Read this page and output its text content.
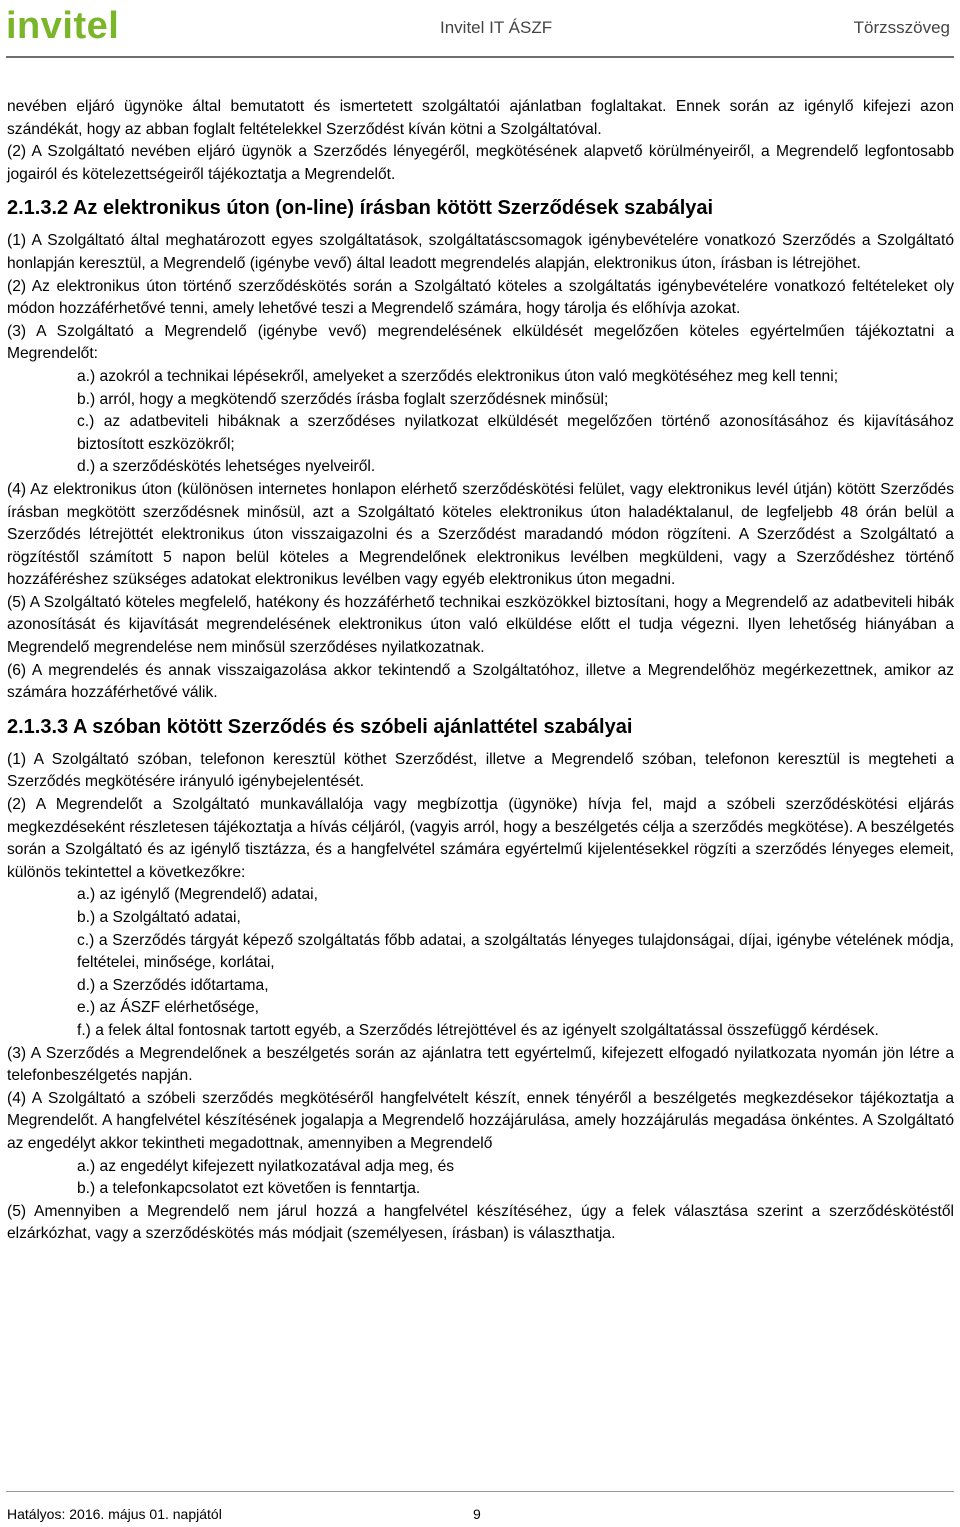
invitel	Invitel IT ÁSZF	Törzsszöveg

nevében eljáró ügynöke által bemutatott és ismertetett szolgáltatói ajánlatban foglaltakat. Ennek során az igénylő kifejezi azon szándékát, hogy az abban foglalt feltételekkel Szerződést kíván kötni a Szolgáltatóval.

(2) A Szolgáltató nevében eljáró ügynök a Szerződés lényegéről, megkötésének alapvető körülményeiről, a Megrendelő legfontosabb jogairól és kötelezettségeiről tájékoztatja a Megrendelőt.

2.1.3.2 Az elektronikus úton (on-line) írásban kötött Szerződések szabályai

(1) A Szolgáltató által meghatározott egyes szolgáltatások, szolgáltatáscsomagok igénybevételére vonatkozó Szerződés a Szolgáltató honlapján keresztül, a Megrendelő (igénybe vevő) által leadott megrendelés alapján, elektronikus úton, írásban is létrejöhet.

(2) Az elektronikus úton történő szerződéskötés során a Szolgáltató köteles a szolgáltatás igénybevételére vonatkozó feltételeket oly módon hozzáférhetővé tenni, amely lehetővé teszi a Megrendelő számára, hogy tárolja és előhívja azokat.

(3) A Szolgáltató a Megrendelő (igénybe vevő) megrendelésének elküldését megelőzően köteles egyértelműen tájékoztatni a Megrendelőt:

a.) azokról a technikai lépésekről, amelyeket a szerződés elektronikus úton való megkötéséhez meg kell tenni;

b.) arról, hogy a megkötendő szerződés írásba foglalt szerződésnek minősül;

c.) az adatbeviteli hibáknak a szerződéses nyilatkozat elküldését megelőzően történő azonosításához és kijavításához biztosított eszközökről;

d.) a szerződéskötés lehetséges nyelveiről.

(4) Az elektronikus úton (különösen internetes honlapon elérhető szerződéskötési felület, vagy elektronikus levél útján) kötött Szerződés írásban megkötött szerződésnek minősül, azt a Szolgáltató köteles elektronikus úton haladéktalanul, de legfeljebb 48 órán belül a Szerződés létrejöttét elektronikus úton visszaigazolni és a Szerződést maradandó módon rögzíteni. A Szerződést a Szolgáltató a rögzítéstől számított 5 napon belül köteles a Megrendelőnek elektronikus levélben megküldeni, vagy a Szerződéshez történő hozzáféréshez szükséges adatokat elektronikus levélben vagy egyéb elektronikus úton megadni.

(5) A Szolgáltató köteles megfelelő, hatékony és hozzáférhető technikai eszközökkel biztosítani, hogy a Megrendelő az adatbeviteli hibák azonosítását és kijavítását megrendelésének elektronikus úton való elküldése előtt el tudja végezni. Ilyen lehetőség hiányában a Megrendelő megrendelése nem minősül szerződéses nyilatkozatnak.

(6) A megrendelés és annak visszaigazolása akkor tekintendő a Szolgáltatóhoz, illetve a Megrendelőhöz megérkezettnek, amikor az számára hozzáférhetővé válik.

2.1.3.3 A szóban kötött Szerződés és szóbeli ajánlattétel szabályai

(1) A Szolgáltató szóban, telefonon keresztül köthet Szerződést, illetve a Megrendelő szóban, telefonon keresztül is megteheti a Szerződés megkötésére irányuló igénybejelentését.

(2) A Megrendelőt a Szolgáltató munkavállalója vagy megbízottja (ügynöke) hívja fel, majd a szóbeli szerződéskötési eljárás megkezdéseként részletesen tájékoztatja a hívás céljáról, (vagyis arról, hogy a beszélgetés célja a szerződés megkötése). A beszélgetés során a Szolgáltató és az igénylő tisztázza, és a hangfelvétel számára egyértelmű kijelentésekkel rögzíti a szerződés lényeges elemeit, különös tekintettel a következőkre:

a.) az igénylő (Megrendelő) adatai,

b.) a Szolgáltató adatai,

c.) a Szerződés tárgyát képező szolgáltatás főbb adatai, a szolgáltatás lényeges tulajdonságai, díjai, igénybe vételének módja, feltételei, minősége, korlátai,

d.) a Szerződés időtartama,

e.) az ÁSZF elérhetősége,

f.) a felek által fontosnak tartott egyéb, a Szerződés létrejöttével és az igényelt szolgáltatással összefüggő kérdések.

(3) A Szerződés a Megrendelőnek a beszélgetés során az ajánlatra tett egyértelmű, kifejezett elfogadó nyilatkozata nyomán jön létre a telefonbeszélgetés napján.

(4) A Szolgáltató a szóbeli szerződés megkötéséről hangfelvételt készít, ennek tényéről a beszélgetés megkezdésekor tájékoztatja a Megrendelőt. A hangfelvétel készítésének jogalapja a Megrendelő hozzájárulása, amely hozzájárulás megadása önkéntes. A Szolgáltató az engedélyt akkor tekintheti megadottnak, amennyiben a Megrendelő

a.) az engedélyt kifejezett nyilatkozatával adja meg, és

b.) a telefonkapcsolatot ezt követően is fenntartja.

(5) Amennyiben a Megrendelő nem járul hozzá a hangfelvétel készítéséhez, úgy a felek választása szerint a szerződéskötéstől elzárkózhat, vagy a szerződéskötés más módjait (személyesen, írásban) is választhatja.

Hatályos: 2016. május 01. napjától	9
